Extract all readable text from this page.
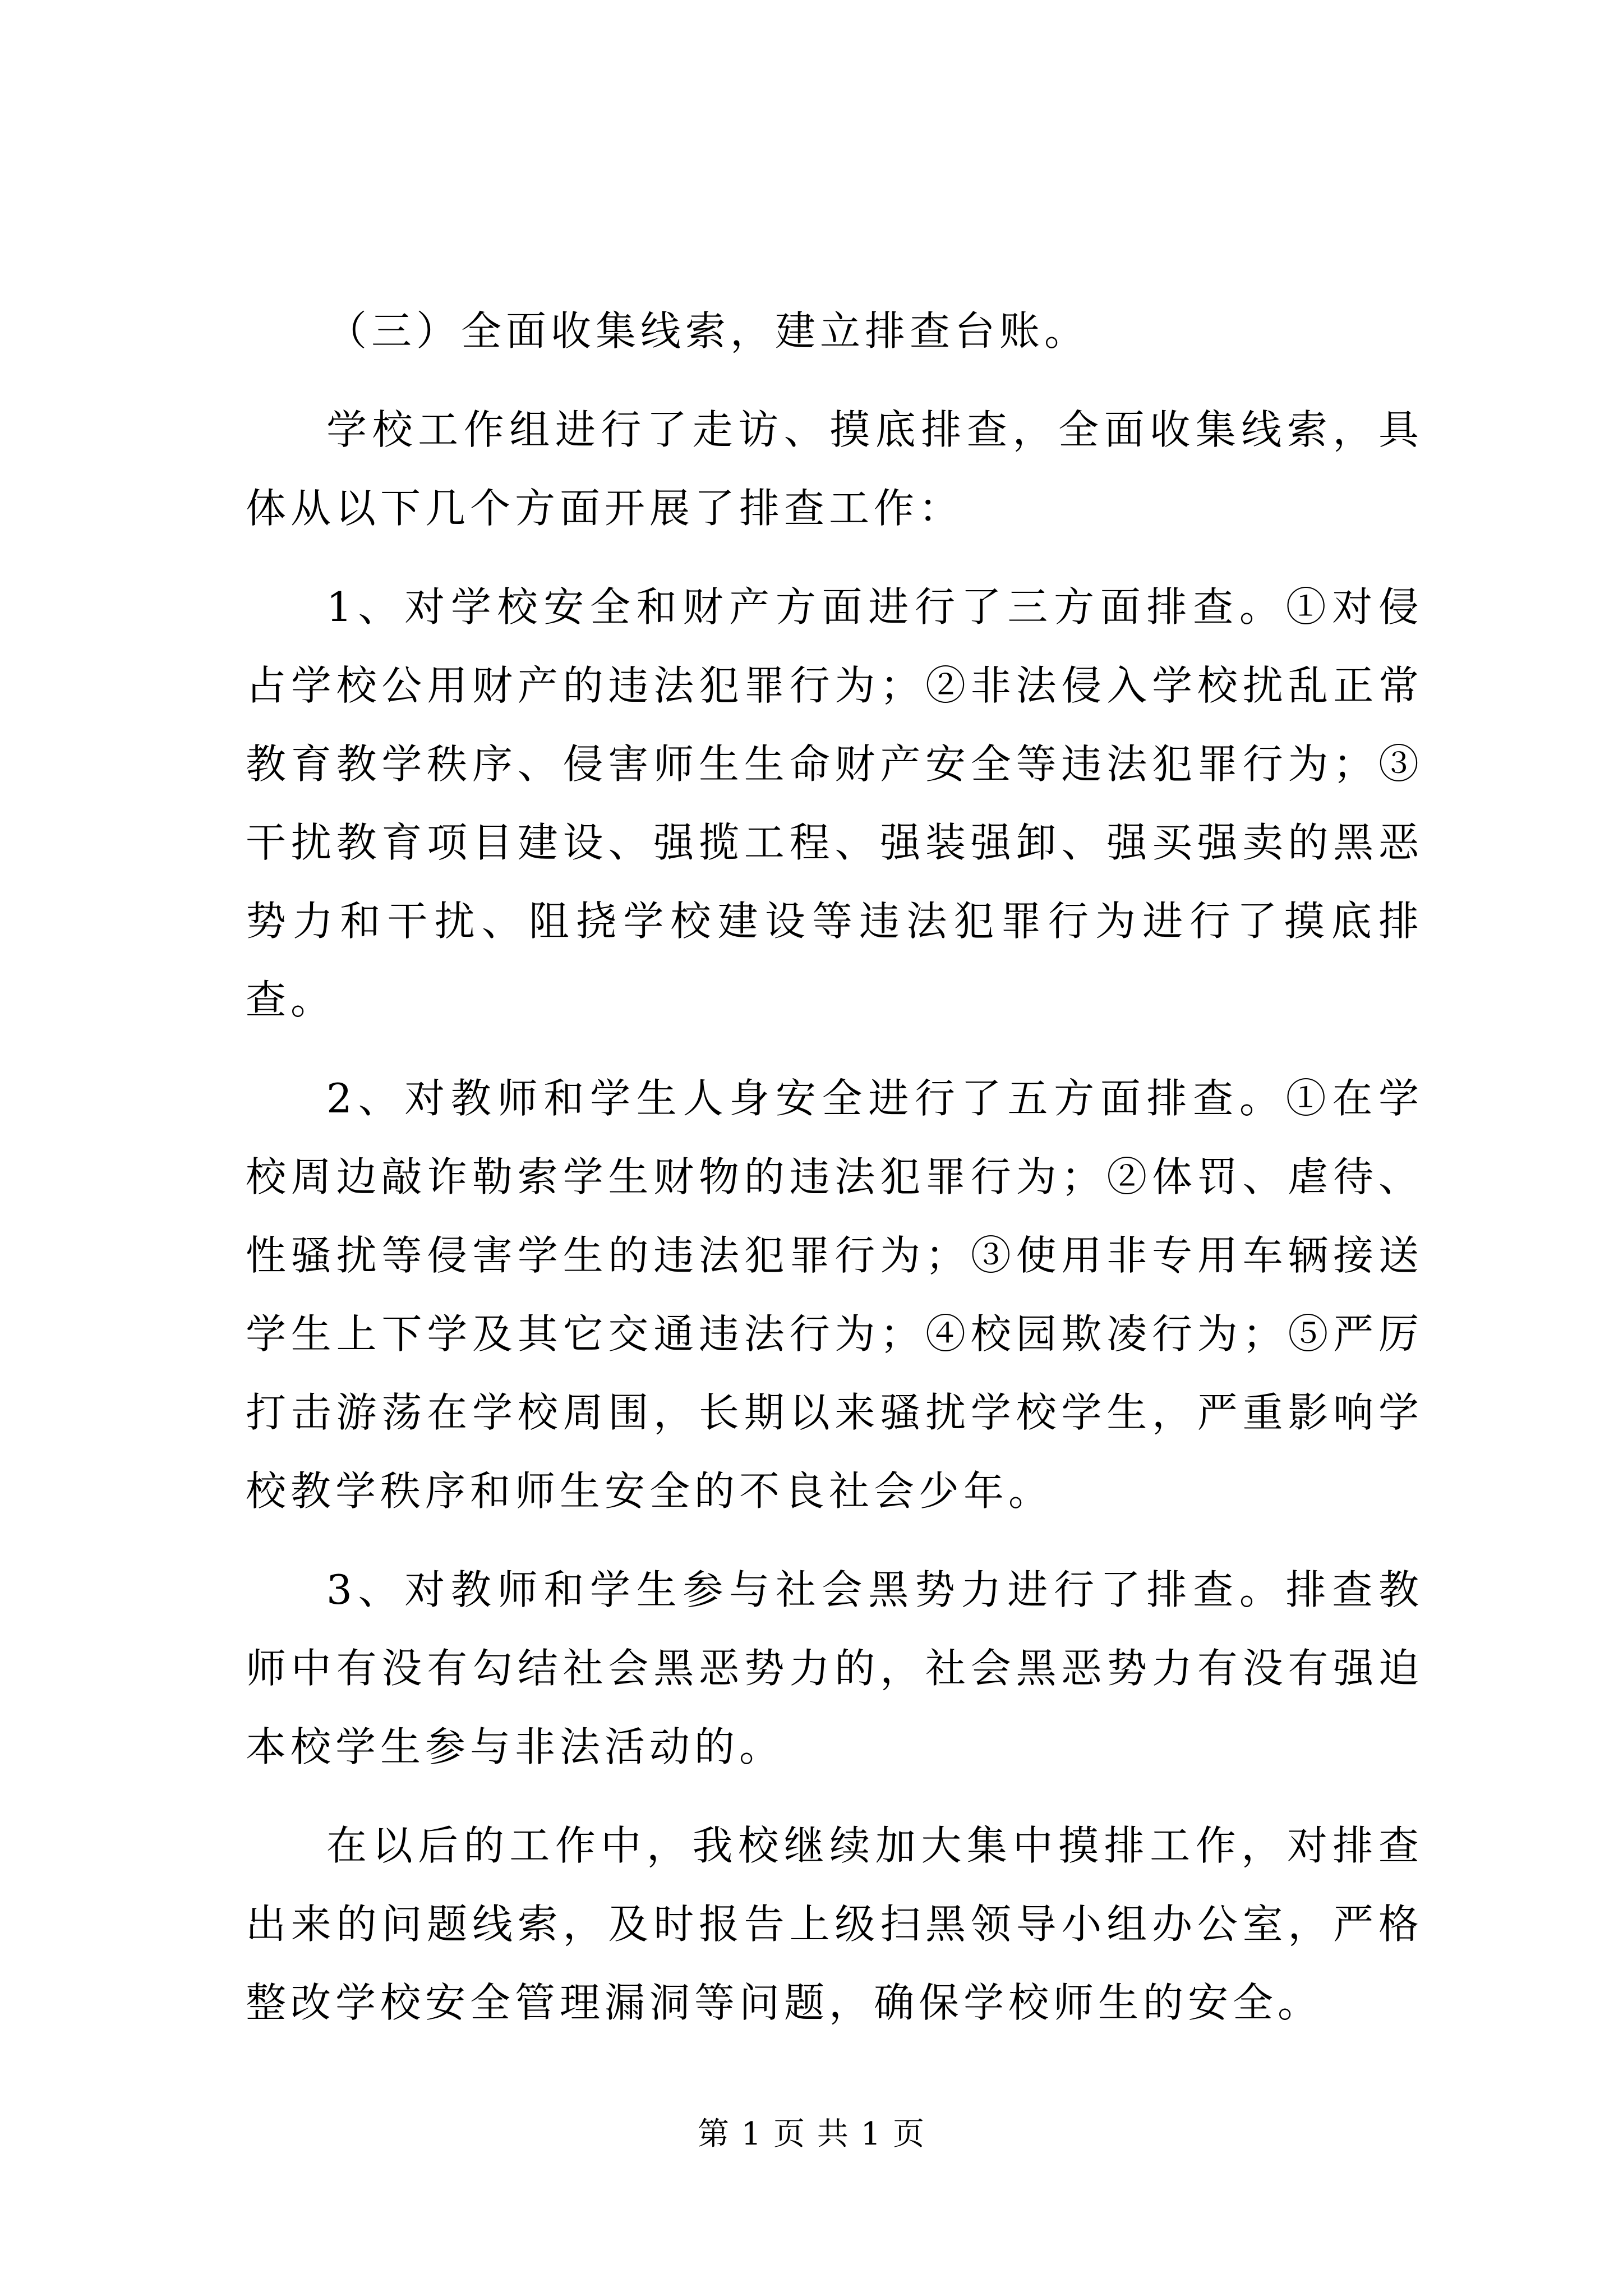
（三）全面收集线索，建立排查台账。

学校工作组进行了走访、摸底排查，全面收集线索，具体从以下几个方面开展了排查工作：

1、对学校安全和财产方面进行了三方面排查。①对侵占学校公用财产的违法犯罪行为；②非法侵入学校扰乱正常教育教学秩序、侵害师生生命财产安全等违法犯罪行为；③干扰教育项目建设、强揽工程、强装强卸、强买强卖的黑恶势力和干扰、阻挠学校建设等违法犯罪行为进行了摸底排查。

2、对教师和学生人身安全进行了五方面排查。①在学校周边敲诈勒索学生财物的违法犯罪行为；②体罚、虐待、性骚扰等侵害学生的违法犯罪行为；③使用非专用车辆接送学生上下学及其它交通违法行为；④校园欺凌行为；⑤严厉打击游荡在学校周围，长期以来骚扰学校学生，严重影响学校教学秩序和师生安全的不良社会少年。

3、对教师和学生参与社会黑势力进行了排查。排查教师中有没有勾结社会黑恶势力的，社会黑恶势力有没有强迫本校学生参与非法活动的。

在以后的工作中，我校继续加大集中摸排工作，对排查出来的问题线索，及时报告上级扫黑领导小组办公室，严格整改学校安全管理漏洞等问题，确保学校师生的安全。

第 1 页 共 1 页
